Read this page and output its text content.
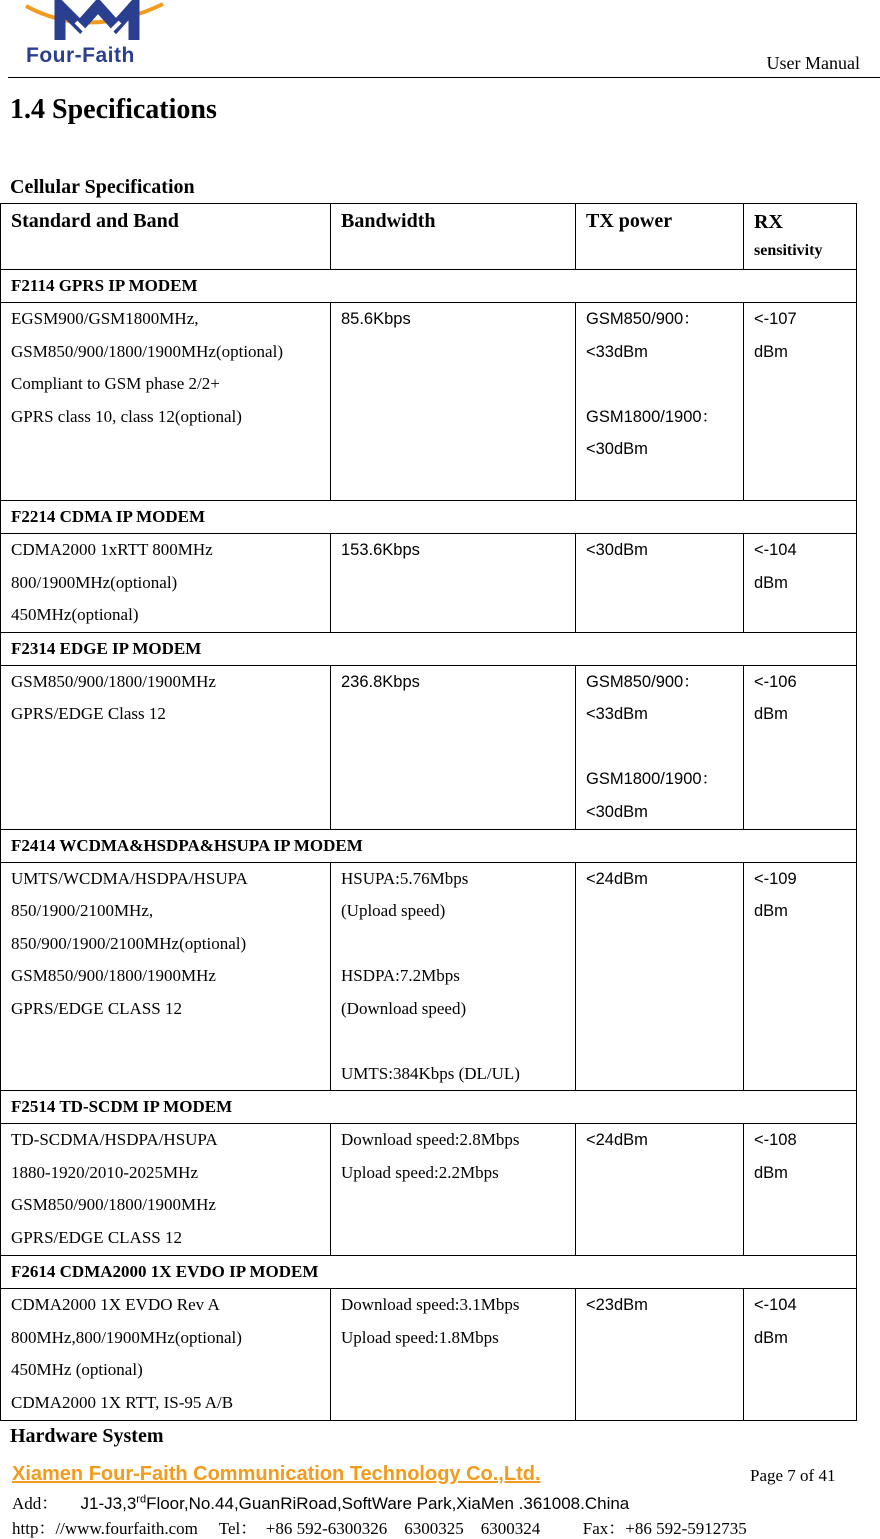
Four-Faith	User Manual
1.4 Specifications
Cellular Specification
Standard and Band	Bandwidth	TX power	RX
sensitivity
F2114 GPRS IP MODEM			

EGSM900/GSM1800MHz,
GSM850/900/1800/1900MHz(optional)
Compliant to GSM phase 2/2+
GPRS class 10, class 12(optional)	85.6Kbps	GSM850/900：
<33dBm
GSM1800/1900：
<30dBm	<-107
dBm

F2214 CDMA IP MODEM			

CDMA2000 1xRTT 800MHz
800/1900MHz(optional)
450MHz(optional)	153.6Kbps	<30dBm	<-104
dBm

F2314 EDGE IP MODEM			

GSM850/900/1800/1900MHz
GPRS/EDGE Class 12	236.8Kbps	GSM850/900：
<33dBm
GSM1800/1900：
<30dBm	<-106
dBm

F2414 WCDMA&HSDPA&HSUPA IP MODEM			

UMTS/WCDMA/HSDPA/HSUPA
850/1900/2100MHz,
850/900/1900/2100MHz(optional)
GSM850/900/1800/1900MHz
GPRS/EDGE CLASS 12	HSUPA:5.76Mbps
(Upload speed)
HSDPA:7.2Mbps
(Download speed)
UMTS:384Kbps (DL/UL)	<24dBm	<-109
dBm

F2514 TD-SCDM IP MODEM			

TD-SCDMA/HSDPA/HSUPA
1880-1920/2010-2025MHz
GSM850/900/1800/1900MHz
GPRS/EDGE CLASS 12	Download speed:2.8Mbps
Upload speed:2.2Mbps	<24dBm	<-108
dBm

F2614 CDMA2000 1X EVDO IP MODEM			

CDMA2000 1X EVDO Rev A
800MHz,800/1900MHz(optional)
450MHz (optional)
CDMA2000 1X RTT, IS-95 A/B	Download speed:3.1Mbps
Upload speed:1.8Mbps	<23dBm	<-104
dBm
Hardware System
Xiamen Four-Faith Communication Technology Co.,Ltd.	Page 7 of 41
Add： J1-J3,3rdFloor,No.44,GuanRiRoad,SoftWare Park,XiaMen .361008.China
http：//www.fourfaith.com     Tel：  +86 592-6300326    6300325    6300324          Fax：+86 592-5912735
